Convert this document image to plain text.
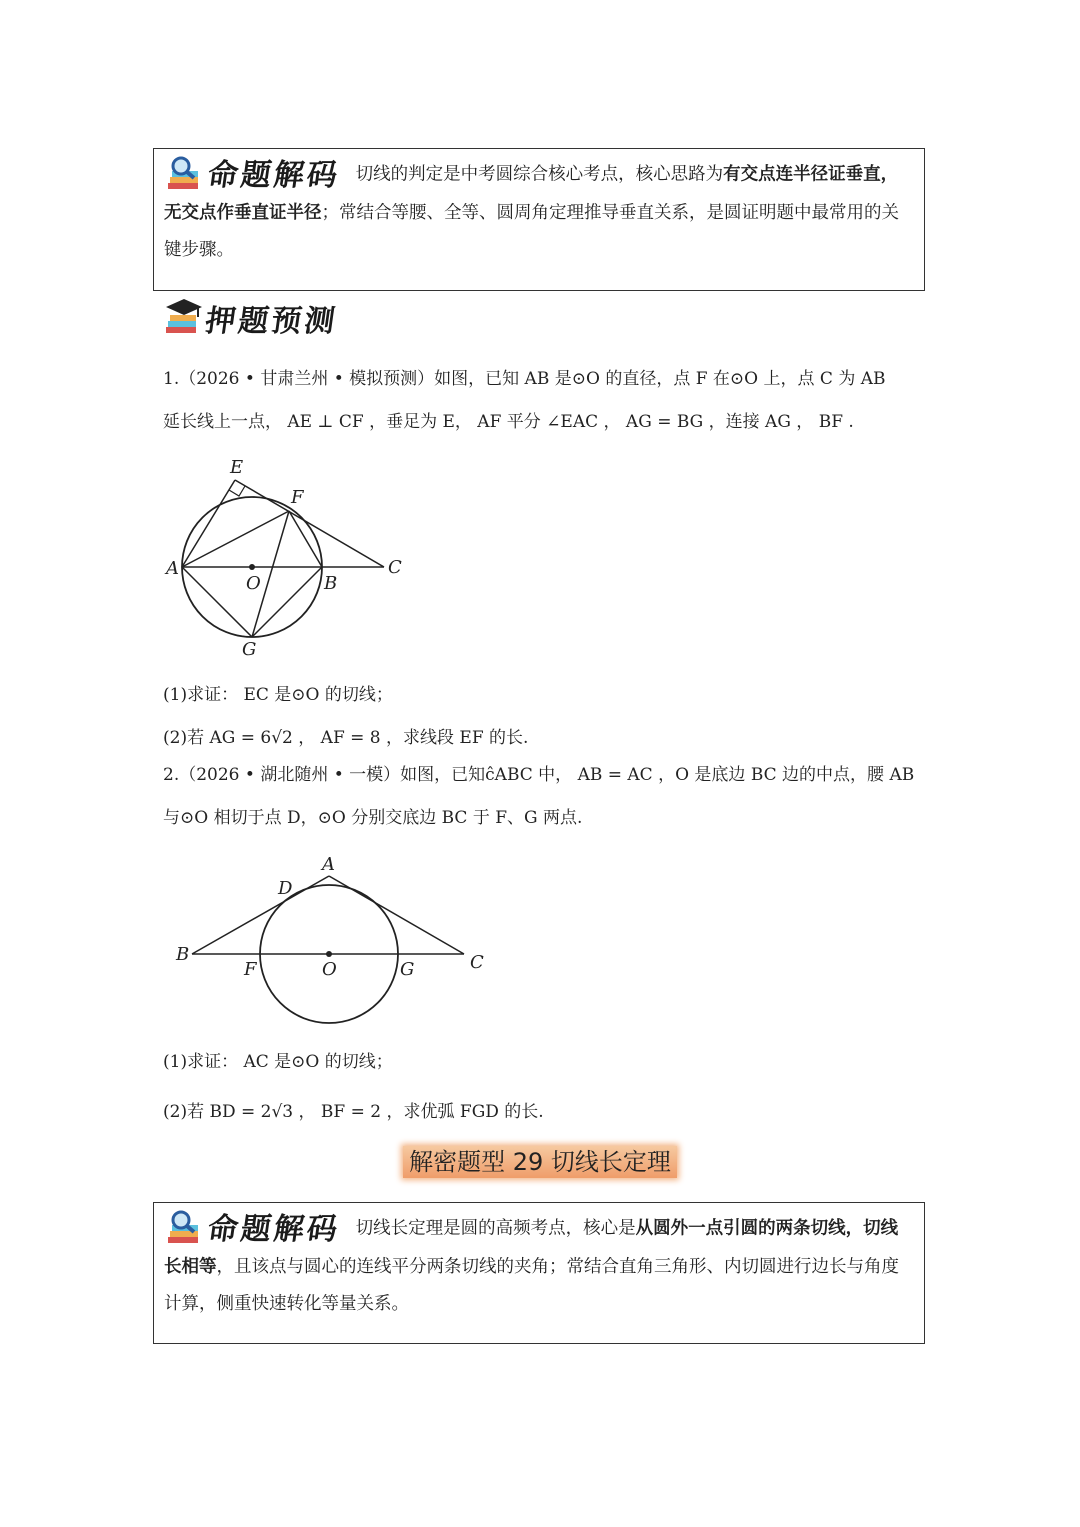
命题解码 切线的判定是中考圆综合核心考点，核心思路为有交点连半径证垂直，无交点作垂直证半径；常结合等腰、全等、圆周角定理推导垂直关系，是圆证明题中最常用的关键步骤。

押题预测
1.（2026 • 甘肃兰州 • 模拟预测）如图，已知 AB 是⊙O 的直径，点 F 在⊙O 上，点 C 为 AB
延长线上一点， AE ⊥ CF ，垂足为 E， AF 平分 ∠EAC ， AG = BG ，连接 AG ， BF .
E
F
A
O	B
C
G
(1)求证： EC 是⊙O 的切线；
(2)若 AG = 6√2 ， AF = 8 ，求线段 EF 的长.
2.（2026 • 湖北随州 • 一模）如图，已知ĉABC 中， AB = AC ，O 是底边 BC 边的中点，腰 AB
与⊙O 相切于点 D，⊙O 分别交底边 BC 于 F、G 两点.
A
D
B
F	O	G	C
(1)求证： AC 是⊙O 的切线；
(2)若 BD = 2√3 ， BF = 2 ，求优弧 FGD 的长.
解密题型 29 切线长定理

命题解码 切线长定理是圆的高频考点，核心是从圆外一点引圆的两条切线，切线长相等，且该点与圆心的连线平分两条切线的夹角；常结合直角三角形、内切圆进行边长与角度计算，侧重快速转化等量关系。
